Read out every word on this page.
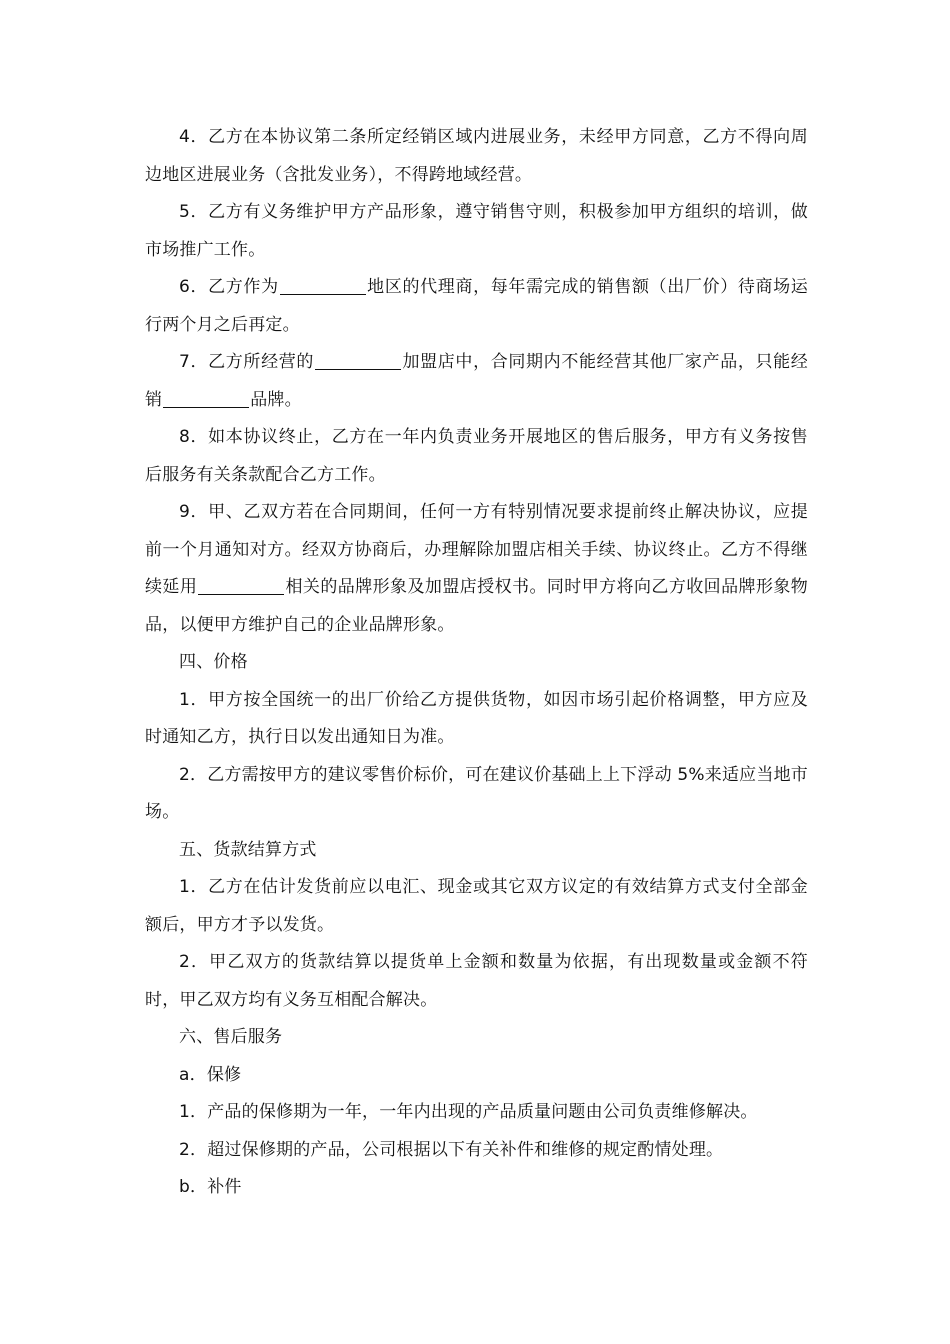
4．乙方在本协议第二条所定经销区域内进展业务，未经甲方同意，乙方不得向周边地区进展业务（含批发业务），不得跨地域经营。

5．乙方有义务维护甲方产品形象，遵守销售守则，积极参加甲方组织的培训，做市场推广工作。

6．乙方作为	地区的代理商，每年需完成的销售额（出厂价）待商场运行两个月之后再定。

7．乙方所经营的	加盟店中，合同期内不能经营其他厂家产品，只能经销	品牌。

8．如本协议终止，乙方在一年内负责业务开展地区的售后服务，甲方有义务按售后服务有关条款配合乙方工作。

9．甲、乙双方若在合同期间，任何一方有特别情况要求提前终止解决协议，应提前一个月通知对方。经双方协商后，办理解除加盟店相关手续、协议终止。乙方不得继续延用	相关的品牌形象及加盟店授权书。同时甲方将向乙方收回品牌形象物品，以便甲方维护自己的企业品牌形象。

四、价格

1．甲方按全国统一的出厂价给乙方提供货物，如因市场引起价格调整，甲方应及时通知乙方，执行日以发出通知日为准。

2．乙方需按甲方的建议零售价标价，可在建议价基础上上下浮动 5%来适应当地市场。

五、货款结算方式

1．乙方在估计发货前应以电汇、现金或其它双方议定的有效结算方式支付全部金额后，甲方才予以发货。

2．甲乙双方的货款结算以提货单上金额和数量为依据，有出现数量或金额不符时，甲乙双方均有义务互相配合解决。

六、售后服务

a．保修

1．产品的保修期为一年，一年内出现的产品质量问题由公司负责维修解决。

2．超过保修期的产品，公司根据以下有关补件和维修的规定酌情处理。

b．补件
